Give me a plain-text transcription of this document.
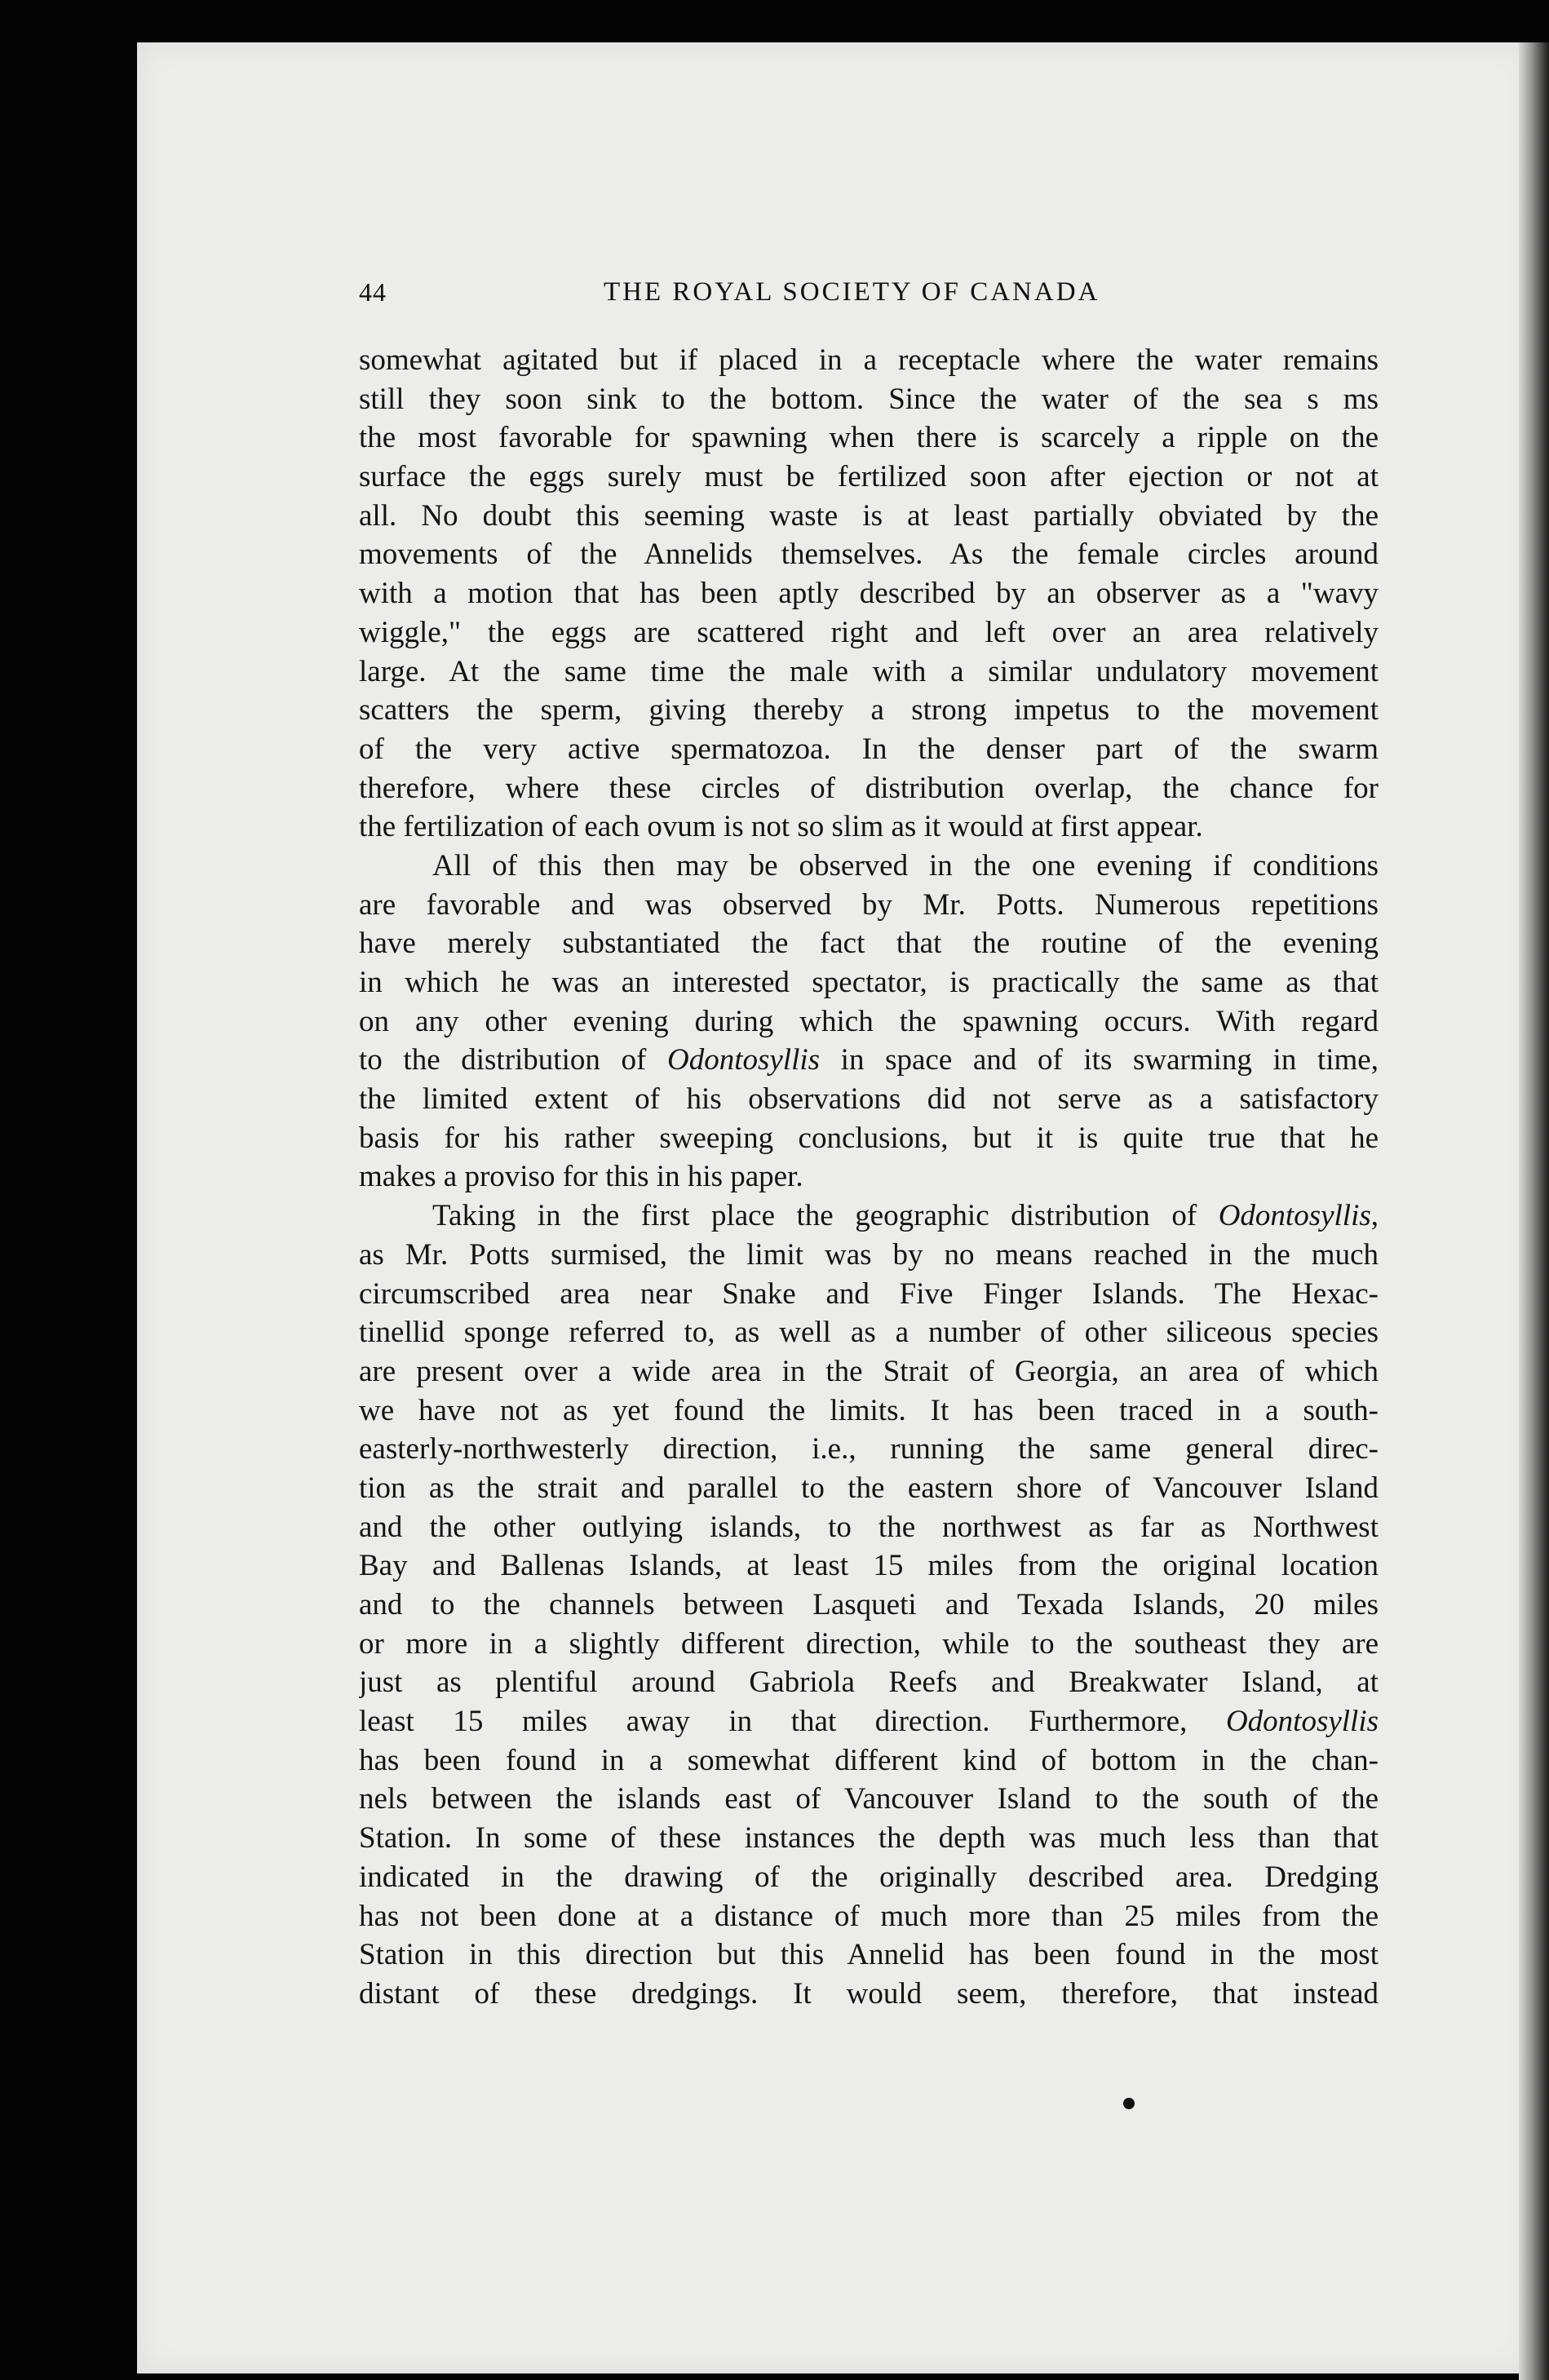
44	THE ROYAL SOCIETY OF CANADA
somewhat agitated but if placed in a receptacle where the water remains
still they soon sink to the bottom. Since the water of the sea s ms
the most favorable for spawning when there is scarcely a ripple on the
surface the eggs surely must be fertilized soon after ejection or not at
all. No doubt this seeming waste is at least partially obviated by the
movements of the Annelids themselves. As the female circles around
with a motion that has been aptly described by an observer as a "wavy
wiggle," the eggs are scattered right and left over an area relatively
large. At the same time the male with a similar undulatory movement
scatters the sperm, giving thereby a strong impetus to the movement
of the very active spermatozoa. In the denser part of the swarm
therefore, where these circles of distribution overlap, the chance for
the fertilization of each ovum is not so slim as it would at first appear.
All of this then may be observed in the one evening if conditions
are favorable and was observed by Mr. Potts. Numerous repetitions
have merely substantiated the fact that the routine of the evening
in which he was an interested spectator, is practically the same as that
on any other evening during which the spawning occurs. With regard
to the distribution of Odontosyllis in space and of its swarming in time,
the limited extent of his observations did not serve as a satisfactory
basis for his rather sweeping conclusions, but it is quite true that he
makes a proviso for this in his paper.
Taking in the first place the geographic distribution of Odontosyllis,
as Mr. Potts surmised, the limit was by no means reached in the much
circumscribed area near Snake and Five Finger Islands. The Hexac-
tinellid sponge referred to, as well as a number of other siliceous species
are present over a wide area in the Strait of Georgia, an area of which
we have not as yet found the limits. It has been traced in a south-
easterly-northwesterly direction, i.e., running the same general direc-
tion as the strait and parallel to the eastern shore of Vancouver Island
and the other outlying islands, to the northwest as far as Northwest
Bay and Ballenas Islands, at least 15 miles from the original location
and to the channels between Lasqueti and Texada Islands, 20 miles
or more in a slightly different direction, while to the southeast they are
just as plentiful around Gabriola Reefs and Breakwater Island, at
least 15 miles away in that direction. Furthermore, Odontosyllis
has been found in a somewhat different kind of bottom in the chan-
nels between the islands east of Vancouver Island to the south of the
Station. In some of these instances the depth was much less than that
indicated in the drawing of the originally described area. Dredging
has not been done at a distance of much more than 25 miles from the
Station in this direction but this Annelid has been found in the most
distant of these dredgings. It would seem, therefore, that instead
